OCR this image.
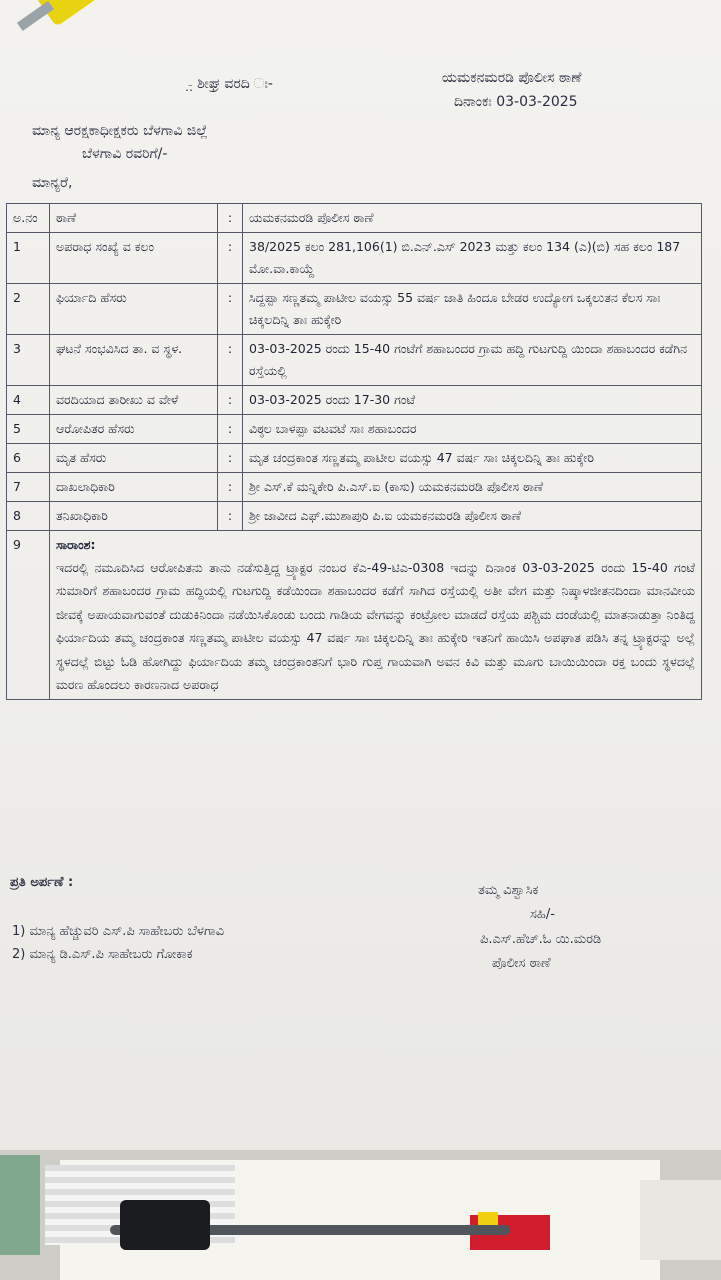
-಼ ಶೀಘ್ರ ವರದಿ ಃ-	ಯಮಕನಮರಡಿ ಪೊಲೀಸ ಠಾಣೆ
ದಿನಾಂಕಃ 03-03-2025
ಮಾನ್ಯ ಆರಕ್ಷಕಾಧೀಕ್ಷಕರು ಬೆಳಗಾವಿ ಜಿಲ್ಲೆ
ಬೆಳಗಾವಿ ರವರಿಗೆ/-
ಮಾನ್ಯರೆ,
ಅ.ನಂ	ಠಾಣೆ	:	ಯಮಕನಮರಡಿ ಪೊಲೀಸ ಠಾಣೆ
1	ಅಪರಾಧ ಸಂಖ್ಯೆ ವ ಕಲಂ	:	38/2025 ಕಲಂ 281,106(1) ಬಿ.ಎನ್.ಎಸ್ 2023 ಮತ್ತು ಕಲಂ 134 (ಎ)(ಬಿ) ಸಹ ಕಲಂ 187 ಮೋ.ವಾ.ಕಾಯ್ದೆ
2	ಫಿರ್ಯಾದಿ ಹೆಸರು	:	ಸಿದ್ದಪ್ಪಾ ಸಣ್ಣತಮ್ಮ ಪಾಟೀಲ ವಯಸ್ಸು 55 ವರ್ಷ ಜಾತಿ ಹಿಂದೂ ಬೇಡರ ಉದ್ಯೋಗ ಒಕ್ಕಲುತನ ಕೆಲಸ ಸಾಃ ಚಿಕ್ಕಲದಿನ್ನಿ ತಾಃ ಹುಕ್ಕೇರಿ
3	ಘಟನೆ ಸಂಭವಿಸಿದ ತಾ. ವ ಸ್ಥಳ.	:	03-03-2025 ರಂದು 15-40 ಗಂಟೆಗೆ ಶಹಾಬಂದರ ಗ್ರಾಮ ಹದ್ದಿ ಗುಟಗುದ್ದಿ ಯಿಂದಾ ಶಹಾಬಂದರ ಕಡೆಗಿನ ರಸ್ತೆಯಲ್ಲಿ
4	ವರದಿಯಾದ ತಾರೀಖು ವ ವೇಳೆ	:	03-03-2025 ರಂದು 17-30 ಗಂಟೆ
5	ಆರೋಪಿತರ ಹೆಸರು	:	ವಿಠ್ಠಲ ಬಾಳಪ್ಪಾ ವಟವಟೆ ಸಾಃ ಶಹಾಬಂದರ
6	ಮೃತ ಹೆಸರು	:	ಮೃತ ಚಂದ್ರಕಾಂತ ಸಣ್ಣತಮ್ಮ ಪಾಟೀಲ ವಯಸ್ಸು 47 ವರ್ಷ ಸಾಃ ಚಿಕ್ಕಲದಿನ್ನಿ ತಾಃ ಹುಕ್ಕೇರಿ
7	ದಾಖಲಾಧಿಕಾರಿ	:	ಶ್ರೀ ಎಸ್.ಕೆ ಮನ್ನಿಕೇರಿ ಪಿ.ಎಸ್.ಐ (ಕಾಸು) ಯಮಕನಮರಡಿ ಪೊಲೀಸ ಠಾಣೆ
8	ತನಿಖಾಧಿಕಾರಿ	:	ಶ್ರೀ ಜಾವೀದ ಎಫ್.ಮುಶಾಪುರಿ ಪಿ.ಐ ಯಮಕನಮರಡಿ ಪೊಲೀಸ ಠಾಣೆ
9	ಸಾರಾಂಶ:
ಇದರಲ್ಲಿ ನಮೂದಿಸಿದ ಆರೋಪಿತನು ತಾನು ನಡೆಸುತ್ತಿದ್ದ ಟ್ರ್ಯಾಕ್ಟರ ನಂಬರ ಕೆಎ-49-ಟಿಎ-0308 ಇದನ್ನು ದಿನಾಂಕ 03-03-2025 ರಂದು 15-40 ಗಂಟೆ ಸುಮಾರಿಗೆ ಶಹಾಬಂದರ ಗ್ರಾಮ ಹದ್ದಿಯಲ್ಲಿ ಗುಟಗುದ್ದಿ ಕಡೆಯಿಂದಾ ಶಹಾಬಂದರ ಕಡೆಗೆ ಸಾಗಿದ ರಸ್ತೆಯಲ್ಲಿ ಅತೀ ವೇಗ ಮತ್ತು ನಿಷ್ಕಾಳಜೀತನದಿಂದಾ ಮಾನವೀಯ ಜೀವಕ್ಕೆ ಅಪಾಯವಾಗುವಂತೆ ದುಡುಕಿನಿಂದಾ ನಡೆಯಿಸಿಕೊಂಡು ಬಂದು ಗಾಡಿಯ ವೇಗವನ್ನು ಕಂಟ್ರೋಲ ಮಾಡದೆ ರಸ್ತೆಯ ಪಶ್ಚಿಮ ದಂಡೆಯಲ್ಲಿ ಮಾತನಾಡುತ್ತಾ ನಿಂತಿದ್ದ ಫಿರ್ಯಾದಿಯ ತಮ್ಮ ಚಂದ್ರಕಾಂತ ಸಣ್ಣತಮ್ಮ ಪಾಟೀಲ ವಯಸ್ಸು 47 ವರ್ಷ ಸಾಃ ಚಿಕ್ಕಲದಿನ್ನಿ ತಾಃ ಹುಕ್ಕೇರಿ ಇತನಿಗೆ ಹಾಯಿಸಿ ಅಪಘಾತ ಪಡಿಸಿ ತನ್ನ ಟ್ರ್ಯಾಕ್ಟರನ್ನು ಅಲ್ಲೆ ಸ್ಥಳದಲ್ಲೆ ಬಿಟ್ಟು ಓಡಿ ಹೋಗಿದ್ದು ಫಿರ್ಯಾದಿಯ ತಮ್ಮ ಚಂದ್ರಕಾಂತನಿಗೆ ಭಾರಿ ಗುಪ್ತ ಗಾಯವಾಗಿ ಅವನ ಕಿವಿ ಮತ್ತು ಮೂಗು ಬಾಯಿಯಿಂದಾ ರಕ್ತ ಬಂದು ಸ್ಥಳದಲ್ಲೆ ಮರಣ ಹೊಂದಲು ಕಾರಣನಾದ ಅಪರಾಧ		
ಪ್ರತಿ ಅರ್ಪಣೆ :
1) ಮಾನ್ಯ ಹೆಚ್ಚುವರಿ ಎಸ್.ಪಿ ಸಾಹೇಬರು ಬೆಳಗಾವಿ
2) ಮಾನ್ಯ ಡಿ.ಎಸ್.ಪಿ ಸಾಹೇಬರು ಗೋಕಾಕ
ತಮ್ಮ ವಿಶ್ವಾಸಿಕ
ಸಹಿ/-
ಪಿ.ಎಸ್.ಹೆಚ್.ಓ ಯಿ.ಮರಡಿ
ಪೊಲೀಸ ಠಾಣೆ
